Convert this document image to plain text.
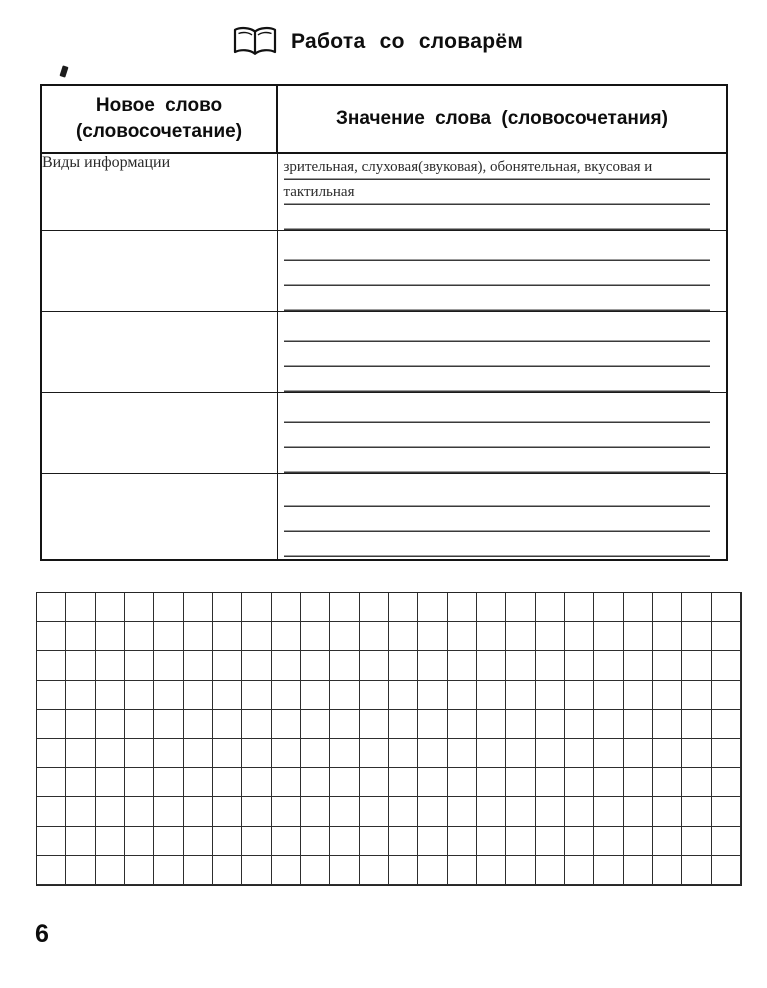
Работа со словарём
Новое слово (словосочетание)	Значение слова (словосочетания)
Виды информации	зрительная, слуховая(звуковая), обонятельная, вкусовая и тактильная

6
